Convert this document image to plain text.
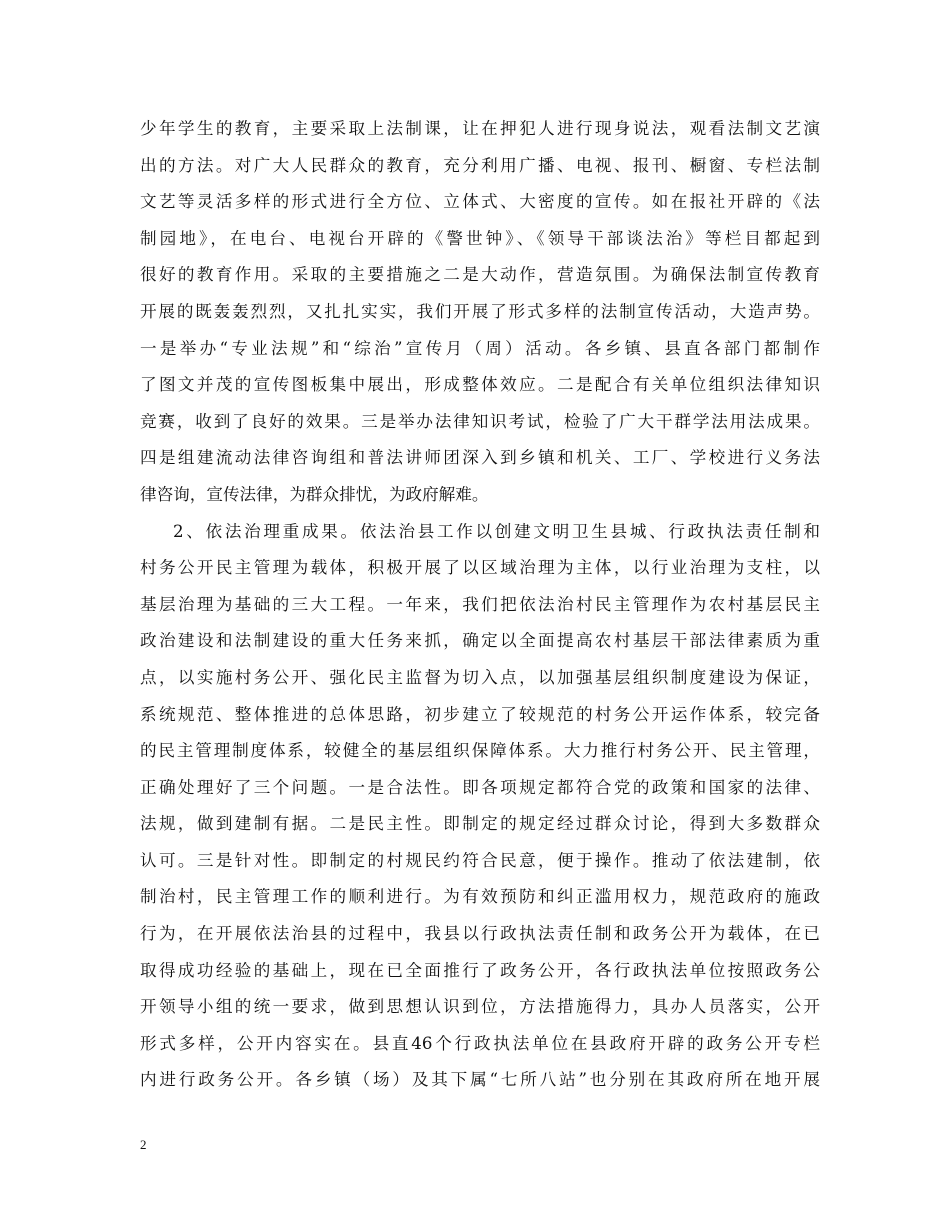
少年学生的教育，主要采取上法制课，让在押犯人进行现身说法，观看法制文艺演
出的方法。对广大人民群众的教育，充分利用广播、电视、报刊、橱窗、专栏法制
文艺等灵活多样的形式进行全方位、立体式、大密度的宣传。如在报社开辟的《法
制园地》，在电台、电视台开辟的《警世钟》、《领导干部谈法治》等栏目都起到
很好的教育作用。采取的主要措施之二是大动作，营造氛围。为确保法制宣传教育
开展的既轰轰烈烈，又扎扎实实，我们开展了形式多样的法制宣传活动，大造声势。
一是举办“专业法规”和“综治”宣传月（周）活动。各乡镇、县直各部门都制作
了图文并茂的宣传图板集中展出，形成整体效应。二是配合有关单位组织法律知识
竞赛，收到了良好的效果。三是举办法律知识考试，检验了广大干群学法用法成果。
四是组建流动法律咨询组和普法讲师团深入到乡镇和机关、工厂、学校进行义务法
律咨询，宣传法律，为群众排忧，为政府解难。
2、依法治理重成果。依法治县工作以创建文明卫生县城、行政执法责任制和
村务公开民主管理为载体，积极开展了以区域治理为主体，以行业治理为支柱，以
基层治理为基础的三大工程。一年来，我们把依法治村民主管理作为农村基层民主
政治建设和法制建设的重大任务来抓，确定以全面提高农村基层干部法律素质为重
点，以实施村务公开、强化民主监督为切入点，以加强基层组织制度建设为保证，
系统规范、整体推进的总体思路，初步建立了较规范的村务公开运作体系，较完备
的民主管理制度体系，较健全的基层组织保障体系。大力推行村务公开、民主管理，
正确处理好了三个问题。一是合法性。即各项规定都符合党的政策和国家的法律、
法规，做到建制有据。二是民主性。即制定的规定经过群众讨论，得到大多数群众
认可。三是针对性。即制定的村规民约符合民意，便于操作。推动了依法建制，依
制治村，民主管理工作的顺利进行。为有效预防和纠正滥用权力，规范政府的施政
行为，在开展依法治县的过程中，我县以行政执法责任制和政务公开为载体，在已
取得成功经验的基础上，现在已全面推行了政务公开，各行政执法单位按照政务公
开领导小组的统一要求，做到思想认识到位，方法措施得力，具办人员落实，公开
形式多样，公开内容实在。县直46个行政执法单位在县政府开辟的政务公开专栏
内进行政务公开。各乡镇（场）及其下属“七所八站”也分别在其政府所在地开展
2
